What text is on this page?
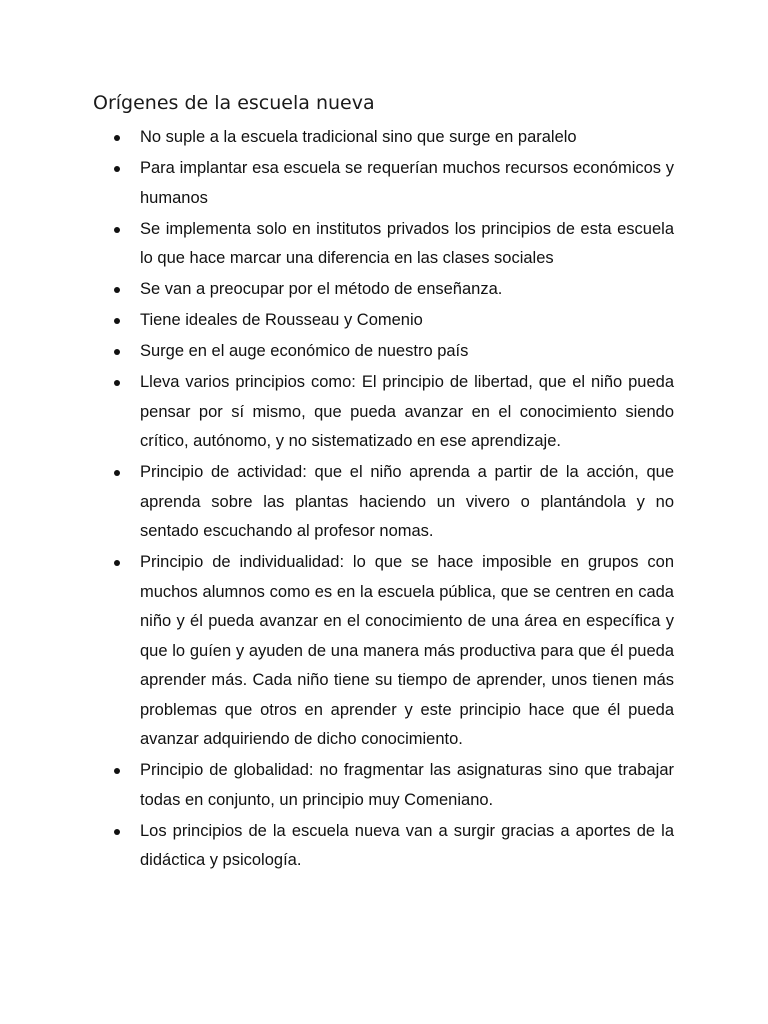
Orígenes de la escuela nueva
No suple a la escuela tradicional sino que surge en paralelo
Para implantar esa escuela se requerían muchos recursos económicos y humanos
Se implementa solo en institutos privados los principios de esta escuela lo que hace marcar una diferencia en las clases sociales
Se van a preocupar por el método de enseñanza.
Tiene ideales de Rousseau y Comenio
Surge en el auge económico de nuestro país
Lleva varios principios como: El principio de libertad, que el niño pueda pensar por sí mismo, que pueda avanzar en el conocimiento siendo crítico, autónomo, y no sistematizado en ese aprendizaje.
Principio de actividad: que el niño aprenda a partir de la acción, que aprenda sobre las plantas haciendo un vivero o plantándola y no sentado escuchando al profesor nomas.
Principio de individualidad: lo que se hace imposible en grupos con muchos alumnos como es en la escuela pública, que se centren en cada niño y él pueda avanzar en el conocimiento de una área en específica y que lo guíen y ayuden de una manera más productiva para que él pueda aprender más. Cada niño tiene su tiempo de aprender, unos tienen más problemas que otros en aprender y este principio hace que él pueda avanzar adquiriendo de dicho conocimiento.
Principio de globalidad: no fragmentar las asignaturas sino que trabajar todas en conjunto, un principio muy Comeniano.
Los principios de la escuela nueva van a surgir gracias a aportes de la didáctica y psicología.
